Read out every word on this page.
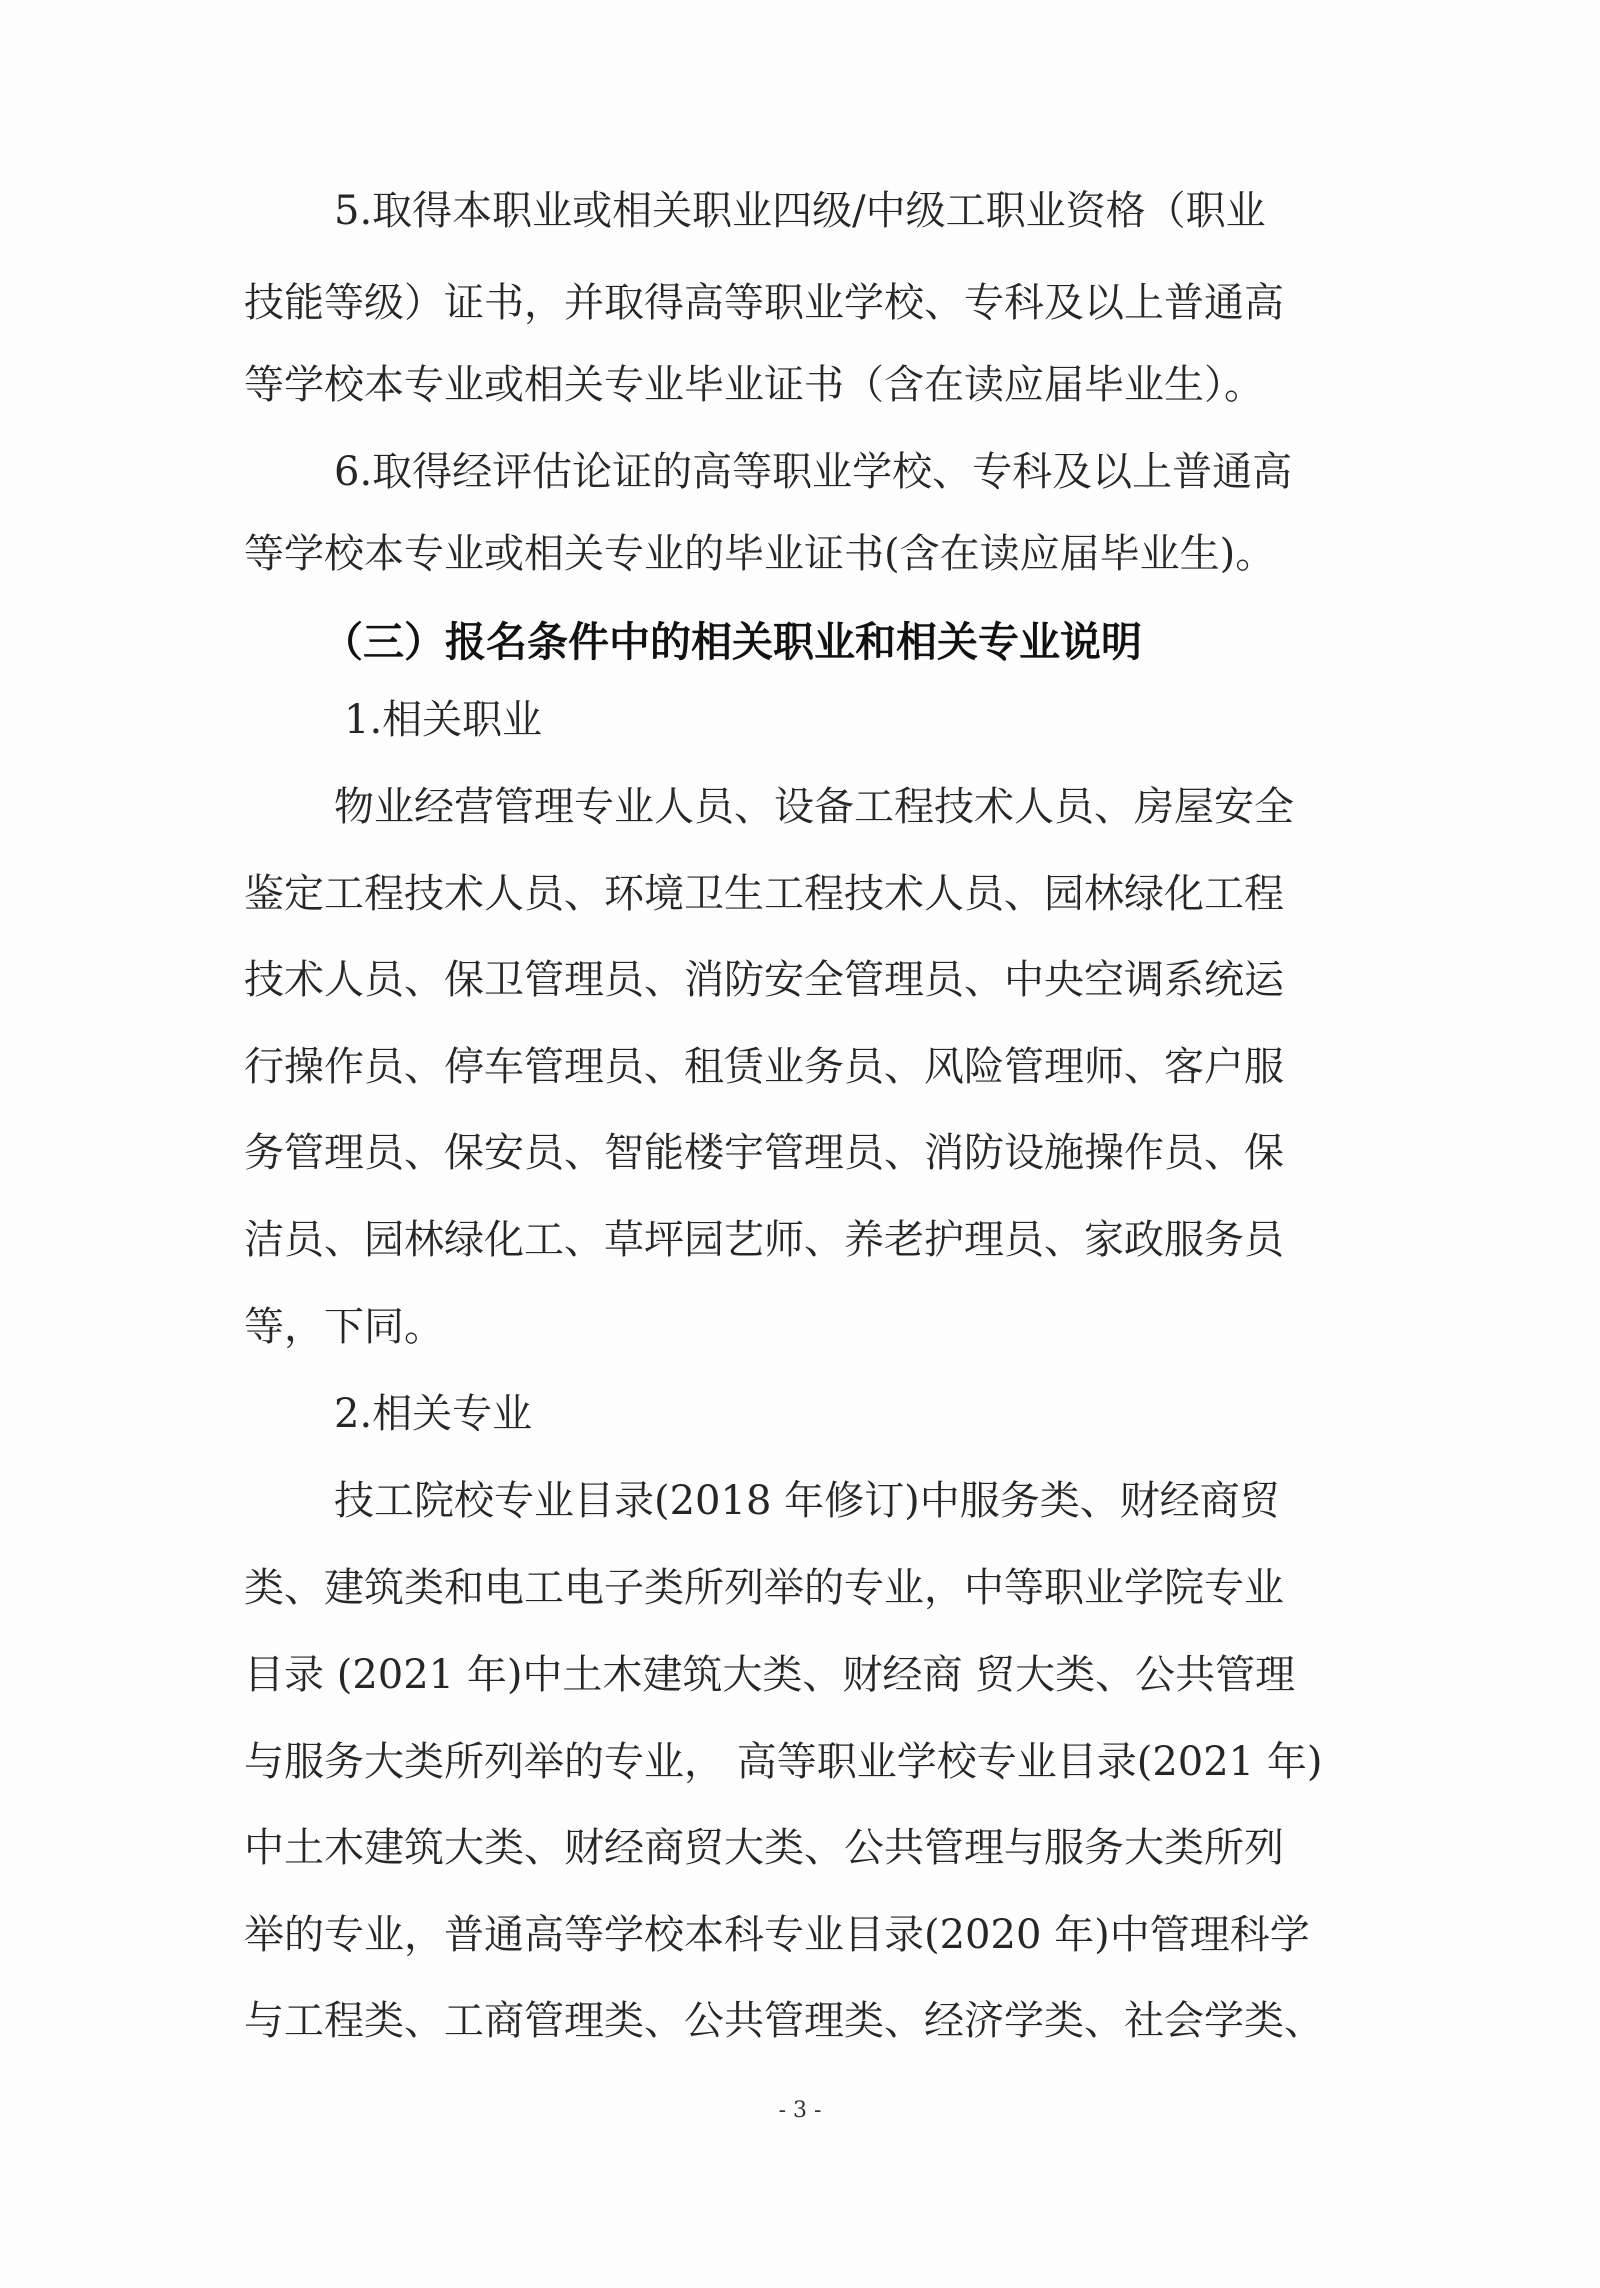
5.取得本职业或相关职业四级/中级工职业资格（职业
技能等级）证书，并取得高等职业学校、专科及以上普通高
等学校本专业或相关专业毕业证书（含在读应届毕业生）。
6.取得经评估论证的高等职业学校、专科及以上普通高
等学校本专业或相关专业的毕业证书(含在读应届毕业生)。
（三）报名条件中的相关职业和相关专业说明
1.相关职业
物业经营管理专业人员、设备工程技术人员、房屋安全
鉴定工程技术人员、环境卫生工程技术人员、园林绿化工程
技术人员、保卫管理员、消防安全管理员、中央空调系统运
行操作员、停车管理员、租赁业务员、风险管理师、客户服
务管理员、保安员、智能楼宇管理员、消防设施操作员、保
洁员、园林绿化工、草坪园艺师、养老护理员、家政服务员
等，下同。
2.相关专业
技工院校专业目录(2018 年修订)中服务类、财经商贸
类、建筑类和电工电子类所列举的专业，中等职业学院专业
目录 (2021 年)中土木建筑大类、财经商 贸大类、公共管理
与服务大类所列举的专业， 高等职业学校专业目录(2021 年)
中土木建筑大类、财经商贸大类、公共管理与服务大类所列
举的专业，普通高等学校本科专业目录(2020 年)中管理科学
与工程类、工商管理类、公共管理类、经济学类、社会学类、
- 3 -
